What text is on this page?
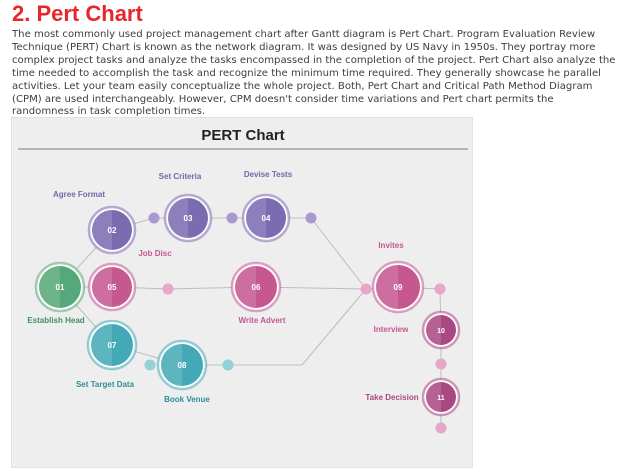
2. Pert Chart

The most commonly used project management chart after Gantt diagram is Pert Chart. Program Evaluation Review Technique (PERT) Chart is known as the network diagram. It was designed by US Navy in 1950s. They portray more complex project tasks and analyze the tasks encompassed in the completion of the project. Pert Chart also analyze the time needed to accomplish the task and recognize the minimum time required. They generally showcase he parallel activities. Let your team easily conceptualize the whole project. Both, Pert Chart and Critical Path Method Diagram (CPM) are used interchangeably. However, CPM doesn't consider time variations and Pert chart permits the randomness in task completion times.

PERT Chart
01
02
03	04
05	06
07
08
09
10
11
Agree Format
Set Criteria	Devise Tests
Job Disc
Invites
Establish Head	Write Advert
Interview
Set Target Data
Book Venue	Take Decision
